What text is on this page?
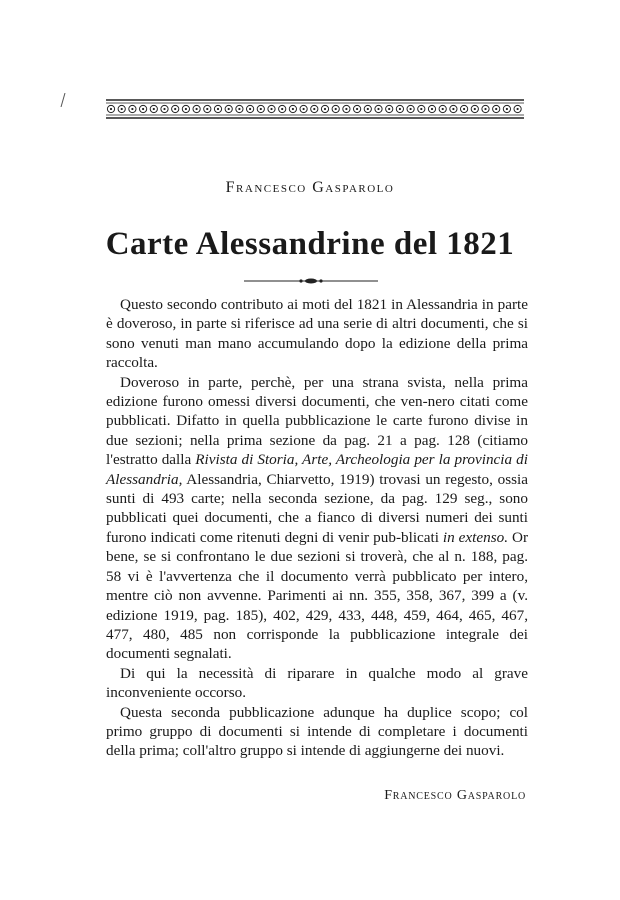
Francesco Gasparolo
Carte Alessandrine del 1821

Questo secondo contributo ai moti del 1821 in Alessandria in parte è doveroso, in parte si riferisce ad una serie di altri documenti, che si sono venuti man mano accumulando dopo la edizione della prima raccolta.

Doveroso in parte, perchè, per una strana svista, nella prima edizione furono omessi diversi documenti, che ven-nero citati come pubblicati. Difatto in quella pubblicazione le carte furono divise in due sezioni; nella prima sezione da pag. 21 a pag. 128 (citiamo l'estratto dalla Rivista di Storia, Arte, Archeologia per la provincia di Alessandria, Alessandria, Chiarvetto, 1919) trovasi un regesto, ossia sunti di 493 carte; nella seconda sezione, da pag. 129 seg., sono pubblicati quei documenti, che a fianco di diversi numeri dei sunti furono indicati come ritenuti degni di venir pub-blicati in extenso. Or bene, se si confrontano le due sezioni si troverà, che al n. 188, pag. 58 vi è l'avvertenza che il documento verrà pubblicato per intero, mentre ciò non avvenne. Parimenti ai nn. 355, 358, 367, 399 a (v. edizione 1919, pag. 185), 402, 429, 433, 448, 459, 464, 465, 467, 477, 480, 485 non corrisponde la pubblicazione integrale dei documenti segnalati.

Di qui la necessità di riparare in qualche modo al grave inconveniente occorso.

Questa seconda pubblicazione adunque ha duplice scopo; col primo gruppo di documenti si intende di completare i documenti della prima; coll'altro gruppo si intende di aggiungerne dei nuovi.

Francesco Gasparolo
